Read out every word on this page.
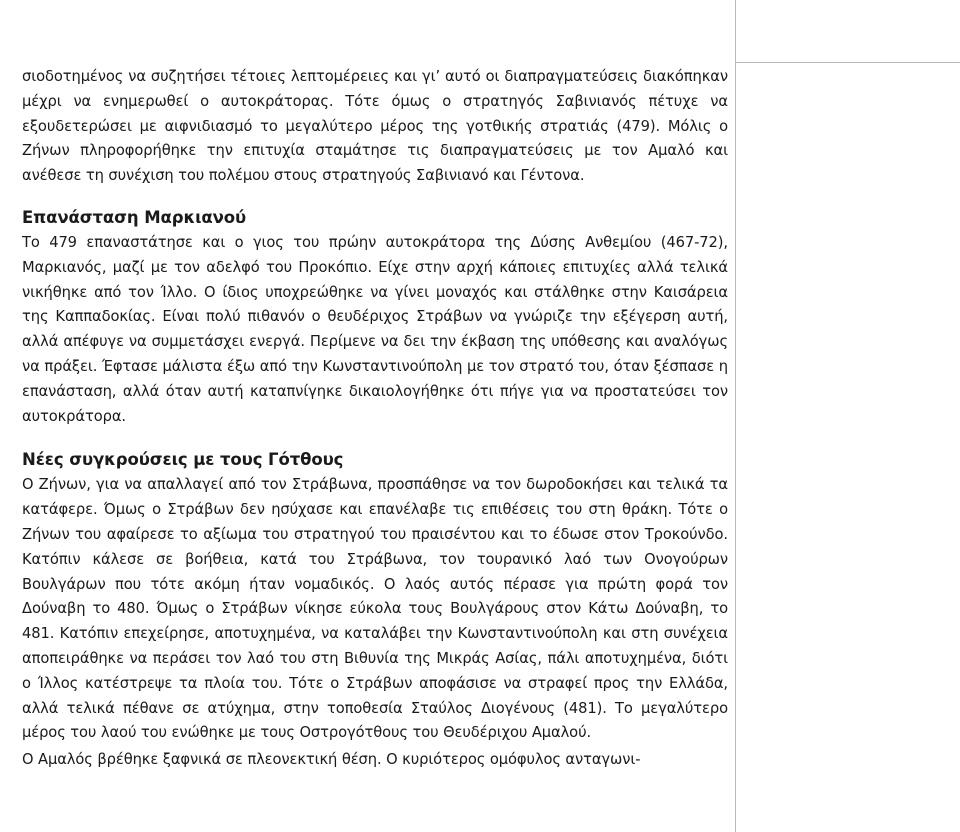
σιοδοτημένος να συζητήσει τέτοιες λεπτομέρειες και γι’ αυτό οι διαπραγματεύσεις διακόπηκαν μέχρι να ενημερωθεί ο αυτοκράτορας. Τότε όμως ο στρατηγός Σαβινιανός πέτυχε να εξουδετερώσει με αιφνιδιασμό το μεγαλύτερο μέρος της γοτθικής στρατιάς (479). Μόλις ο Ζήνων πληροφορήθηκε την επιτυχία σταμάτησε τις διαπραγματεύσεις με τον Αμαλό και ανέθεσε τη συνέχιση του πολέμου στους στρατηγούς Σαβινιανό και Γέντονα.

Επανάσταση Μαρκιανού

Το 479 επαναστάτησε και ο γιος του πρώην αυτοκράτορα της Δύσης Ανθεμίου (467-72), Μαρκιανός, μαζί με τον αδελφό του Προκόπιο. Είχε στην αρχή κάποιες επιτυχίες αλλά τελικά νικήθηκε από τον Ίλλο. Ο ίδιος υποχρεώθηκε να γίνει μοναχός και στάλθηκε στην Καισάρεια της Καππαδοκίας. Είναι πολύ πιθανόν ο θευδέριχος Στράβων να γνώριζε την εξέγερση αυτή, αλλά απέφυγε να συμμετάσχει ενεργά. Περίμενε να δει την έκβαση της υπόθεσης και αναλόγως να πράξει. Έφτασε μάλιστα έξω από την Κωνσταντινούπολη με τον στρατό του, όταν ξέσπασε η επανάσταση, αλλά όταν αυτή καταπνίγηκε δικαιολογήθηκε ότι πήγε για να προστατεύσει τον αυτοκράτορα.

Νέες συγκρούσεις με τους Γότθους

Ο Ζήνων, για να απαλλαγεί από τον Στράβωνα, προσπάθησε να τον δωροδοκήσει και τελικά τα κατάφερε. Όμως ο Στράβων δεν ησύχασε και επανέλαβε τις επιθέσεις του στη θράκη. Τότε ο Ζήνων του αφαίρεσε το αξίωμα του στρατηγού του πραισέντου και το έδωσε στον Τροκούνδο. Κατόπιν κάλεσε σε βοήθεια, κατά του Στράβωνα, τον τουρανικό λαό των Ονογούρων Βουλγάρων που τότε ακόμη ήταν νομαδικός. Ο λαός αυτός πέρασε για πρώτη φορά τον Δούναβη το 480. Όμως ο Στράβων νίκησε εύκολα τους Βουλγάρους στον Κάτω Δούναβη, το 481. Κατόπιν επεχείρησε, αποτυχημένα, να καταλάβει την Κωνσταντινούπολη και στη συνέχεια αποπειράθηκε να περάσει τον λαό του στη Βιθυνία της Μικράς Ασίας, πάλι αποτυχημένα, διότι ο Ίλλος κατέστρεψε τα πλοία του. Τότε ο Στράβων αποφάσισε να στραφεί προς την Ελλάδα, αλλά τελικά πέθανε σε ατύχημα, στην τοποθεσία Σταύλος Διογένους (481). Το μεγαλύτερο μέρος του λαού του ενώθηκε με τους Οστρογότθους του Θευδέριχου Αμαλού.

Ο Αμαλός βρέθηκε ξαφνικά σε πλεονεκτική θέση. Ο κυριότερος ομόφυλος ανταγωνι-
